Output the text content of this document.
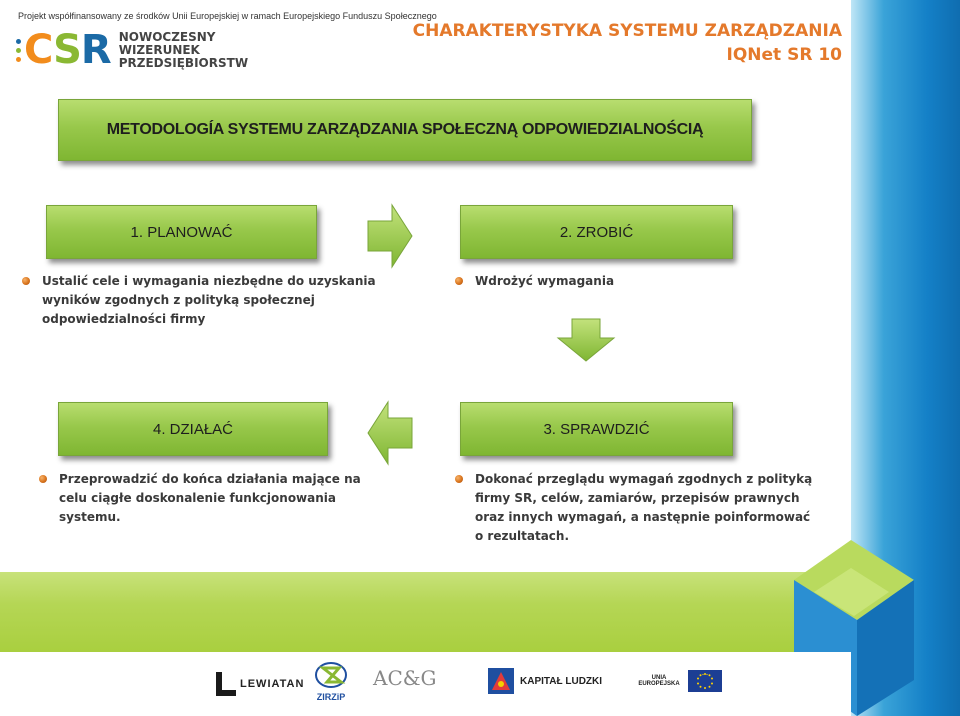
Projekt współfinansowany ze środków Unii Europejskiej w ramach Europejskiego Funduszu Społecznego
CSR NOWOCZESNY
WIZERUNEK
PRZEDSIĘBIORSTW
CHARAKTERYSTYKA SYSTEMU ZARZĄDZANIA
IQNet SR 10
METODOLOGÍA SYSTEMU ZARZĄDZANIA SPOŁECZNĄ ODPOWIEDZIALNOŚCIĄ
1. PLANOWAĆ	2. ZROBIĆ
3. SPRAWDZIĆ
4. DZIAŁAĆ
Ustalić cele i wymagania niezbędne do uzyskania wyników zgodnych z polityką społecznej odpowiedzialności firmy
Wdrożyć wymagania
Dokonać przeglądu wymagań zgodnych z polityką firmy SR, celów, zamiarów, przepisów prawnych oraz innych wymagań, a następnie poinformować o rezultatach.
Przeprowadzić do końca działania mające na celu ciągłe doskonalenie funkcjonowania systemu.
LEWIATAN
ZIRZiP
AC&G	KAPITAŁ LUDZKI	UNIA EUROPEJSKA
